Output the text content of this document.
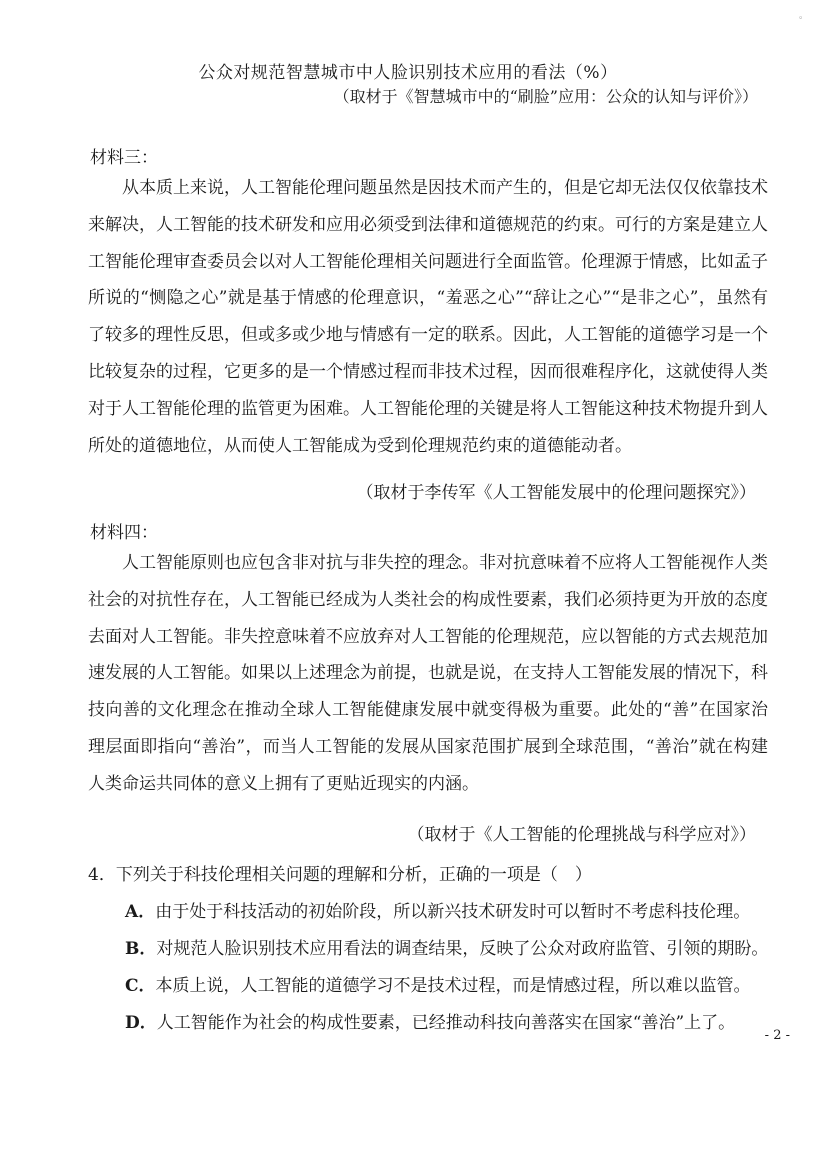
。
公众对规范智慧城市中人脸识别技术应用的看法（%）
（取材于《智慧城市中的“刷脸”应用：公众的认知与评价》）
材料三：

从本质上来说，人工智能伦理问题虽然是因技术而产生的，但是它却无法仅仅依靠技术来解决，人工智能的技术研发和应用必须受到法律和道德规范的约束。可行的方案是建立人工智能伦理审查委员会以对人工智能伦理相关问题进行全面监管。伦理源于情感，比如孟子所说的“恻隐之心”就是基于情感的伦理意识，“羞恶之心”“辞让之心”“是非之心”，虽然有了较多的理性反思，但或多或少地与情感有一定的联系。因此，人工智能的道德学习是一个比较复杂的过程，它更多的是一个情感过程而非技术过程，因而很难程序化，这就使得人类对于人工智能伦理的监管更为困难。人工智能伦理的关键是将人工智能这种技术物提升到人所处的道德地位，从而使人工智能成为受到伦理规范约束的道德能动者。

（取材于李传军《人工智能发展中的伦理问题探究》）
材料四：

人工智能原则也应包含非对抗与非失控的理念。非对抗意味着不应将人工智能视作人类社会的对抗性存在，人工智能已经成为人类社会的构成性要素，我们必须持更为开放的态度去面对人工智能。非失控意味着不应放弃对人工智能的伦理规范，应以智能的方式去规范加速发展的人工智能。如果以上述理念为前提，也就是说，在支持人工智能发展的情况下，科技向善的文化理念在推动全球人工智能健康发展中就变得极为重要。此处的“善”在国家治理层面即指向“善治”，而当人工智能的发展从国家范围扩展到全球范围，“善治”就在构建人类命运共同体的意义上拥有了更贴近现实的内涵。

（取材于《人工智能的伦理挑战与科学应对》）
4．下列关于科技伦理相关问题的理解和分析，正确的一项是（　）
A．由于处于科技活动的初始阶段，所以新兴技术研发时可以暂时不考虑科技伦理。
B．对规范人脸识别技术应用看法的调查结果，反映了公众对政府监管、引领的期盼。
C．本质上说，人工智能的道德学习不是技术过程，而是情感过程，所以难以监管。
D．人工智能作为社会的构成性要素，已经推动科技向善落实在国家“善治”上了。
- 2 -
